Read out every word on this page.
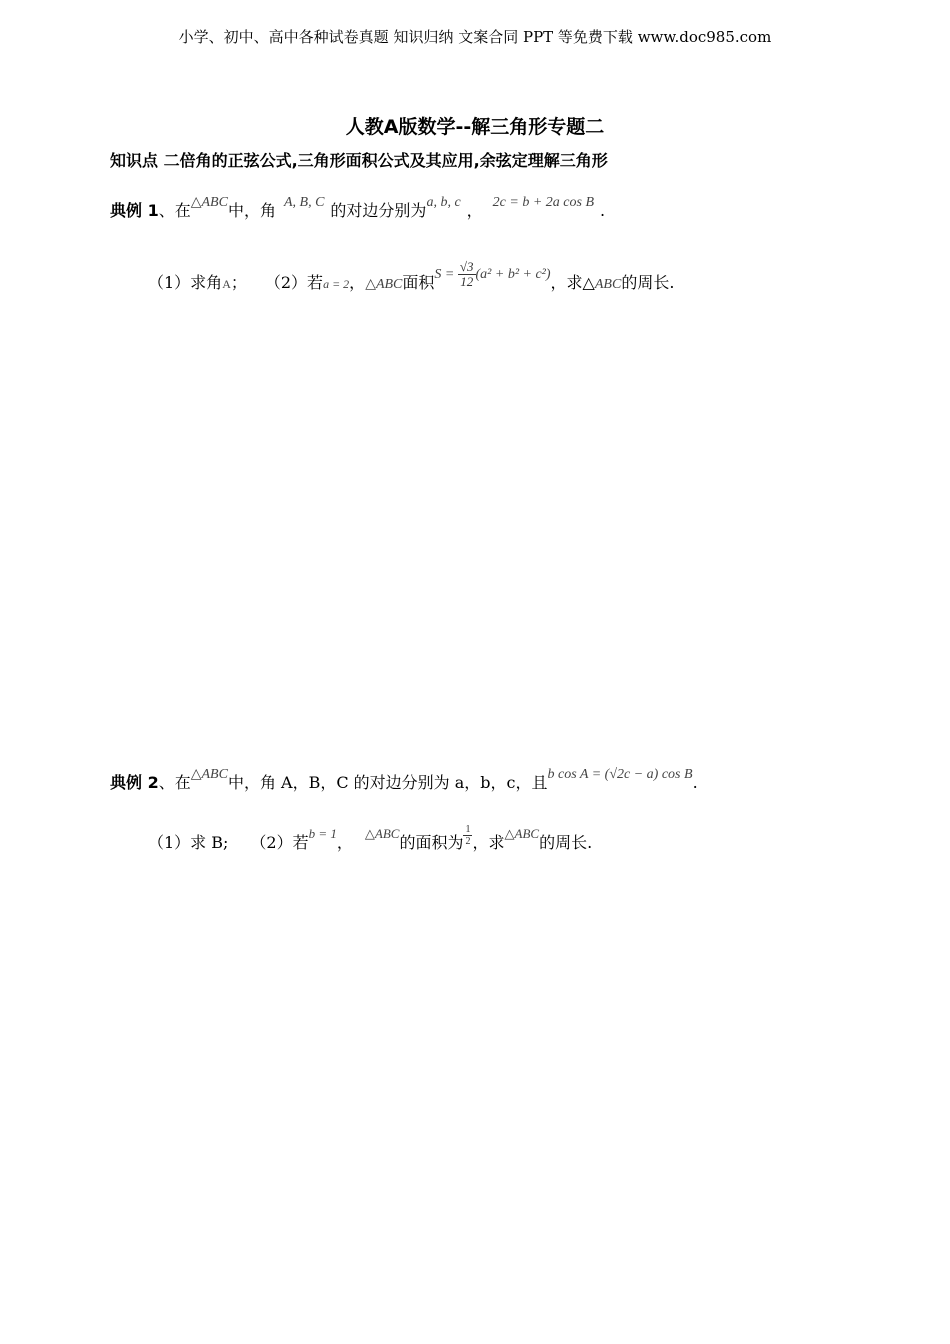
小学、初中、高中各种试卷真题 知识归纳 文案合同 PPT 等免费下载 www.doc985.com
人教A版数学--解三角形专题二
知识点 二倍角的正弦公式,三角形面积公式及其应用,余弦定理解三角形
典例 1、在△ABC中，角 A, B, C 的对边分别为a, b, c ， 2c = b + 2a cos B .
（1）求角A； （2）若a = 2，△ABC面积$S = \frac{√3}{12} (a^2 + b^2 + c^2)$，求△ABC的周长.
典例 2、在△ABC中，角 A，B，C 的对边分别为 a，b，c，且b cos A = (√2c − a) cos B.
（1）求 B; （2）若$^{b = 1}$， $^{\triangle ABC}$的面积为 $\frac{1}{2}$ ，求$^{\triangle ABC}$的周长.
